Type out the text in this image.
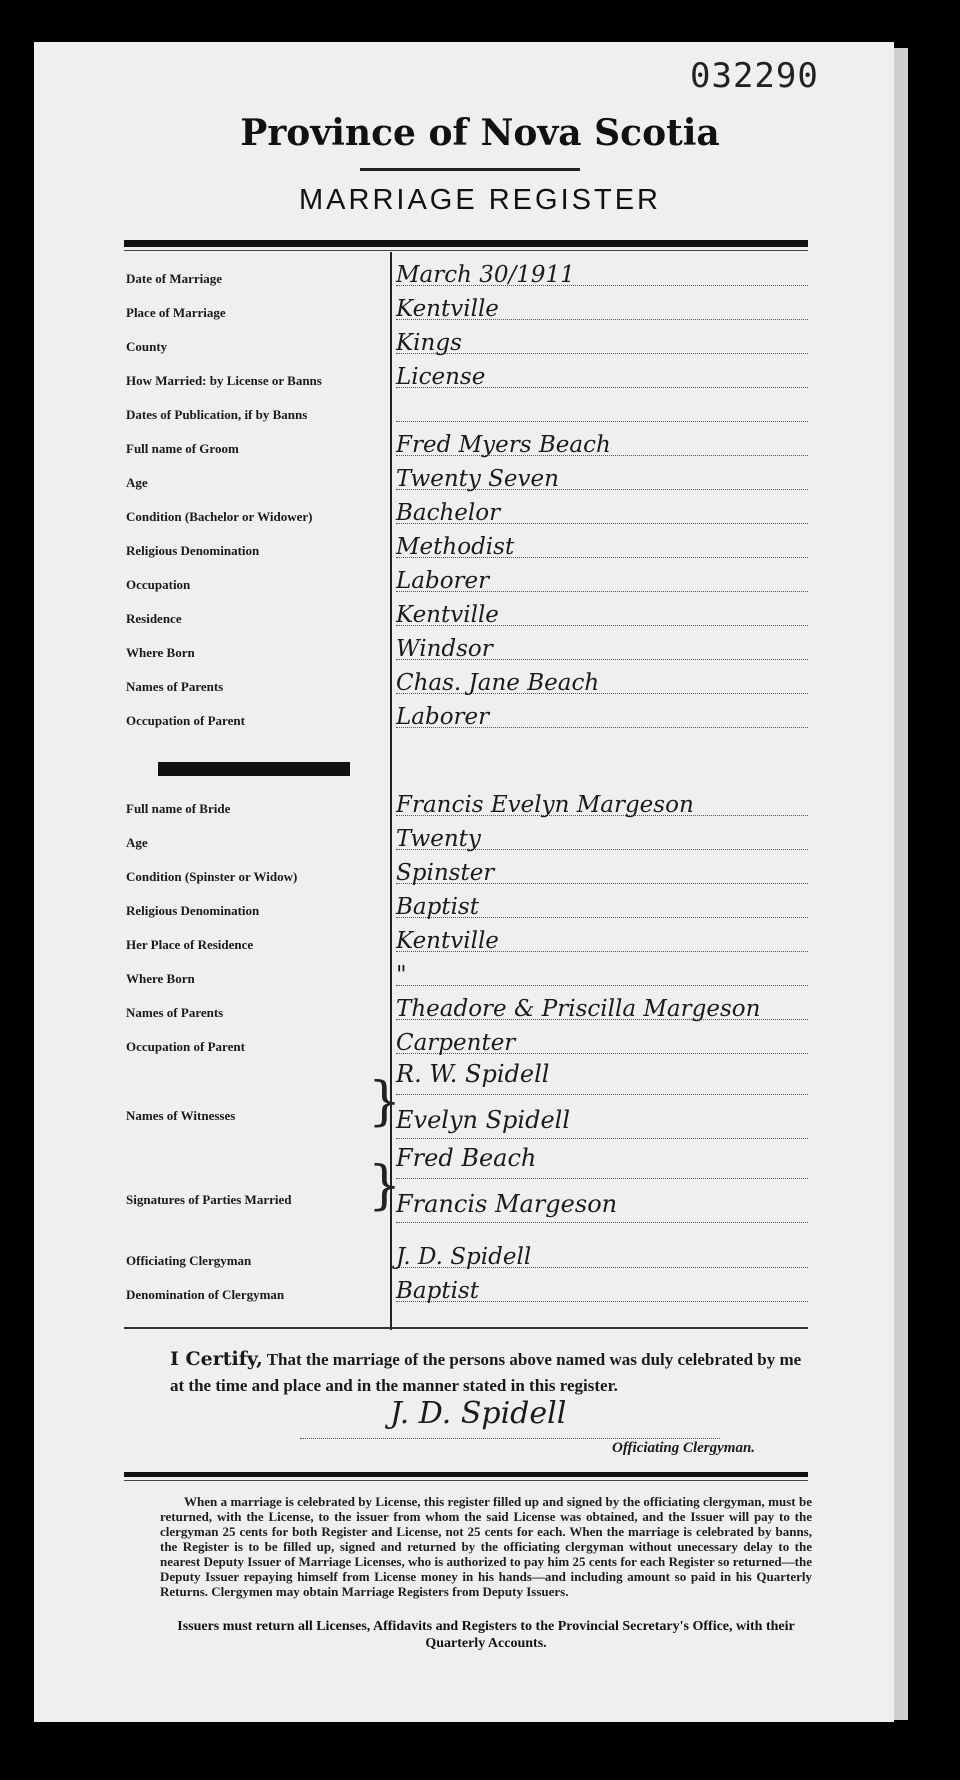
032290
Province of Nova Scotia
MARRIAGE REGISTER
Date of Marriage	March 30/1911
Place of Marriage	Kentville
County	Kings
How Married: by License or Banns	License
Dates of Publication, if by Banns
Full name of Groom	Fred Myers Beach
Age	Twenty Seven
Condition (Bachelor or Widower)	Bachelor
Religious Denomination	Methodist
Occupation	Laborer
Residence	Kentville
Where Born	Windsor
Names of Parents	Chas. Jane Beach
Occupation of Parent	Laborer
Full name of Bride	Francis Evelyn Margeson
Age	Twenty
Condition (Spinster or Widow)	Spinster
Religious Denomination	Baptist
Her Place of Residence	Kentville
Where Born	"
Names of Parents	Theadore & Priscilla Margeson
Occupation of Parent	Carpenter
Names of Witnesses	}
R. W. Spidell
Evelyn Spidell
Signatures of Parties Married }
Fred Beach
Francis Margeson
Officiating Clergyman	J. D. Spidell
Denomination of Clergyman	Baptist
I Certify, That the marriage of the persons above named was duly celebrated by me at the time and place and in the manner stated in this register.
J. D. Spidell
Officiating Clergyman.
When a marriage is celebrated by License, this register filled up and signed by the officiating clergyman, must be returned, with the License, to the issuer from whom the said License was obtained, and the Issuer will pay to the clergyman 25 cents for both Register and License, not 25 cents for each. When the marriage is celebrated by banns, the Register is to be filled up, signed and returned by the officiating clergyman without unecessary delay to the nearest Deputy Issuer of Marriage Licenses, who is authorized to pay him 25 cents for each Register so returned—the Deputy Issuer repaying himself from License money in his hands—and including amount so paid in his Quarterly Returns. Clergymen may obtain Marriage Registers from Deputy Issuers.
Issuers must return all Licenses, Affidavits and Registers to the Provincial Secretary's Office, with their Quarterly Accounts.
